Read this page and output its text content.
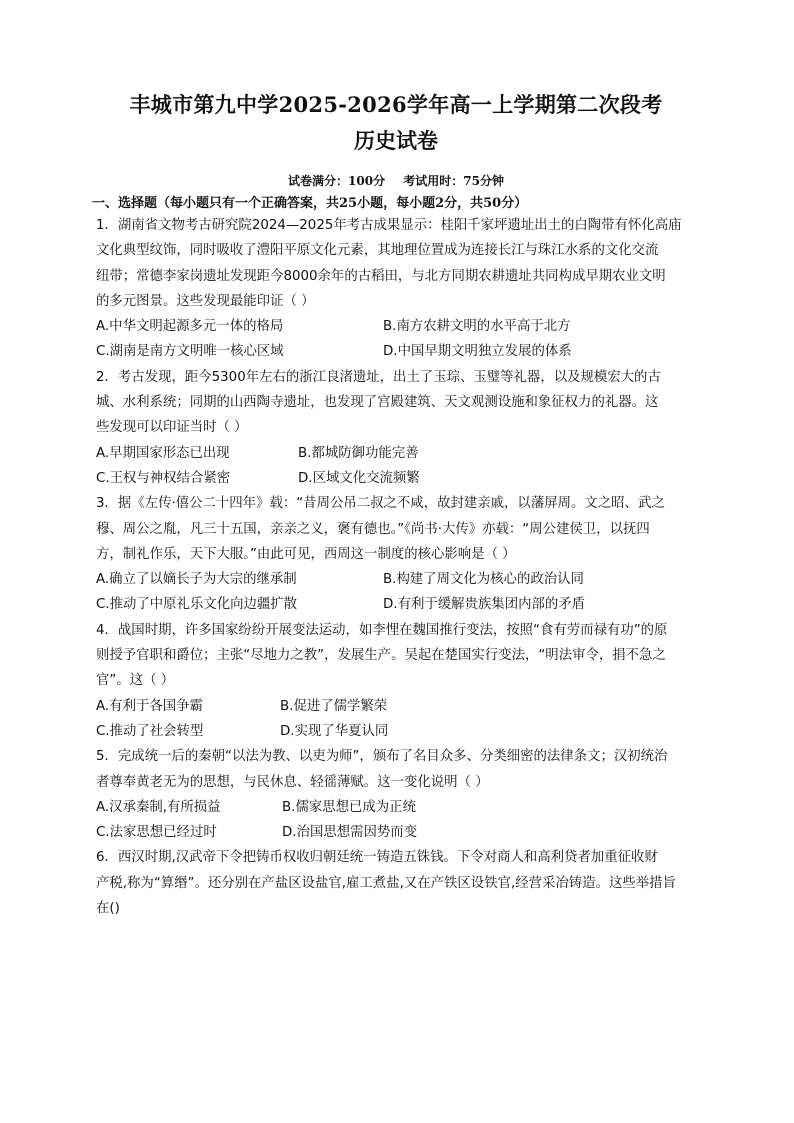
丰城市第九中学2025-2026学年高一上学期第二次段考
历史试卷
试卷满分：100分 考试用时：75分钟
一、选择题（每小题只有一个正确答案，共25小题，每小题2分，共50分）

1．湖南省文物考古研究院2024—2025年考古成果显示：桂阳千家坪遗址出土的白陶带有怀化高庙

文化典型纹饰，同时吸收了澧阳平原文化元素，其地理位置成为连接长江与珠江水系的文化交流

纽带；常德李家岗遗址发现距今8000余年的古稻田，与北方同期农耕遗址共同构成早期农业文明

的多元图景。这些发现最能印证（ ）

A.中华文明起源多元一体的格局	B.南方农耕文明的水平高于北方
C.湖南是南方文明唯一核心区域	D.中国早期文明独立发展的体系

2．考古发现，距今5300年左右的浙江良渚遗址，出土了玉琮、玉璧等礼器，以及规模宏大的古

城、水利系统；同期的山西陶寺遗址，也发现了宫殿建筑、天文观测设施和象征权力的礼器。这

些发现可以印证当时（ ）

A.早期国家形态已出现	B.都城防御功能完善
C.王权与神权结合紧密	D.区域文化交流频繁

3．据《左传·僖公二十四年》载：“昔周公吊二叔之不咸，故封建亲戚，以藩屏周。文之昭、武之

穆、周公之胤，凡三十五国，亲亲之义，褒有德也。”《尚书·大传》亦载：“周公建侯卫，以抚四

方，制礼作乐，天下大服。”由此可见，西周这一制度的核心影响是（ ）

A.确立了以嫡长子为大宗的继承制	B.构建了周文化为核心的政治认同
C.推动了中原礼乐文化向边疆扩散	D.有利于缓解贵族集团内部的矛盾

4．战国时期，许多国家纷纷开展变法运动，如李悝在魏国推行变法，按照“食有劳而禄有功”的原

则授予官职和爵位；主张“尽地力之教”，发展生产。吴起在楚国实行变法，“明法审令，捐不急之

官”。这（ ）

A.有利于各国争霸	B.促进了儒学繁荣
C.推动了社会转型	D.实现了华夏认同

5．完成统一后的秦朝“以法为教、以吏为师”，颁布了名目众多、分类细密的法律条文；汉初统治

者尊奉黄老无为的思想，与民休息、轻徭薄赋。这一变化说明（ ）

A.汉承秦制,有所损益	B.儒家思想已成为正统
C.法家思想已经过时	D.治国思想需因势而变

6．西汉时期,汉武帝下令把铸币权收归朝廷统一铸造五铢钱。下令对商人和高利贷者加重征收财

产税,称为“算缗”。还分别在产盐区设盐官,雇工煮盐,又在产铁区设铁官,经营采冶铸造。这些举措旨

在()
